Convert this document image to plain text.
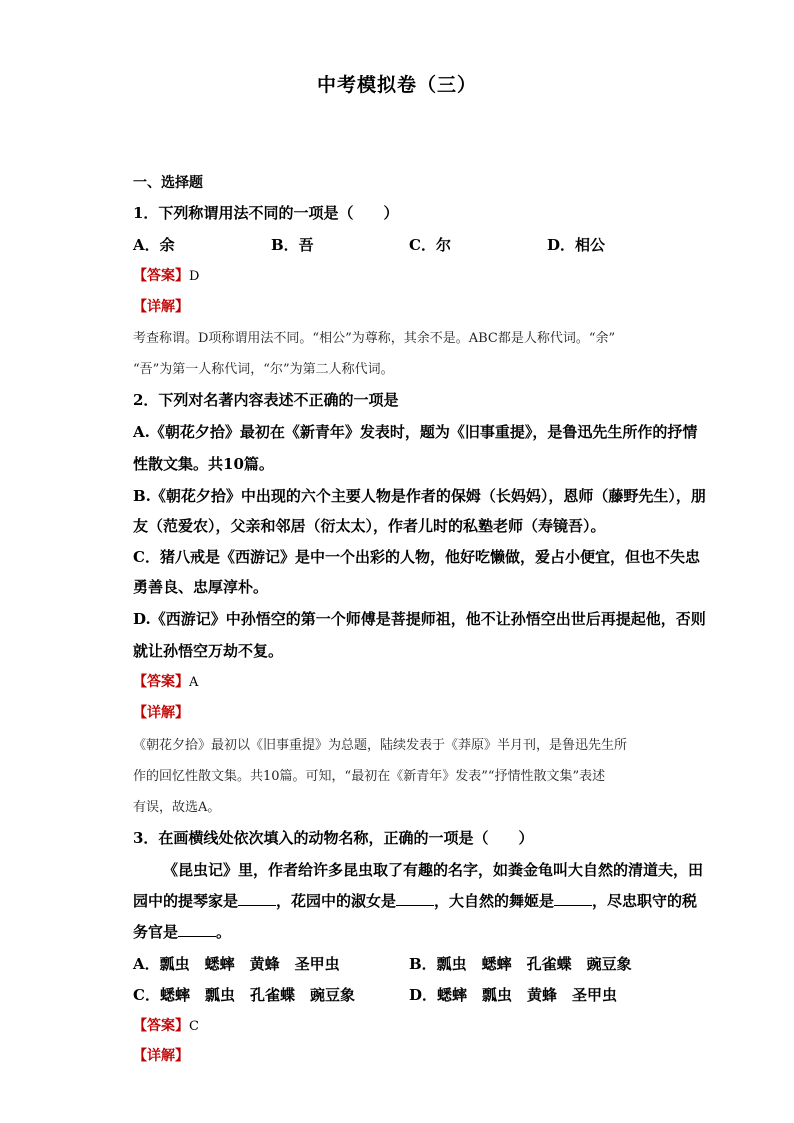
中考模拟卷（三）
一、选择题
1．下列称谓用法不同的一项是（　　）
A．余	B．吾	C．尔	D．相公
【答案】D
【详解】
考查称谓。D项称谓用法不同。“相公”为尊称，其余不是。ABC都是人称代词。“余”
“吾”为第一人称代词，“尔”为第二人称代词。
2．下列对名著内容表述不正确的一项是
A.《朝花夕拾》最初在《新青年》发表时，题为《旧事重提》，是鲁迅先生所作的抒情
性散文集。共10篇。
B.《朝花夕拾》中出现的六个主要人物是作者的保姆（长妈妈），恩师（藤野先生），朋
友（范爱农），父亲和邻居（衍太太），作者儿时的私塾老师（寿镜吾）。
C．猪八戒是《西游记》是中一个出彩的人物，他好吃懒做，爱占小便宜，但也不失忠
勇善良、忠厚淳朴。
D.《西游记》中孙悟空的第一个师傅是菩提师祖，他不让孙悟空出世后再提起他，否则
就让孙悟空万劫不复。
【答案】A
【详解】
《朝花夕拾》最初以《旧事重提》为总题，陆续发表于《莽原》半月刊，是鲁迅先生所
作的回忆性散文集。共10篇。可知，“最初在《新青年》发表”“抒情性散文集”表述
有误，故选A。
3．在画横线处依次填入的动物名称，正确的一项是（　　）
《昆虫记》里，作者给许多昆虫取了有趣的名字，如粪金龟叫大自然的清道夫，田
园中的提琴家是	，花园中的淑女是	，大自然的舞姬是	，尽忠职守的税
务官是	。
A．瓢虫　蟋蟀　黄蜂　圣甲虫	B．瓢虫　蟋蟀　孔雀蝶　豌豆象
C．蟋蟀　瓢虫　孔雀蝶　豌豆象	D．蟋蟀　瓢虫　黄蜂　圣甲虫
【答案】C
【详解】
